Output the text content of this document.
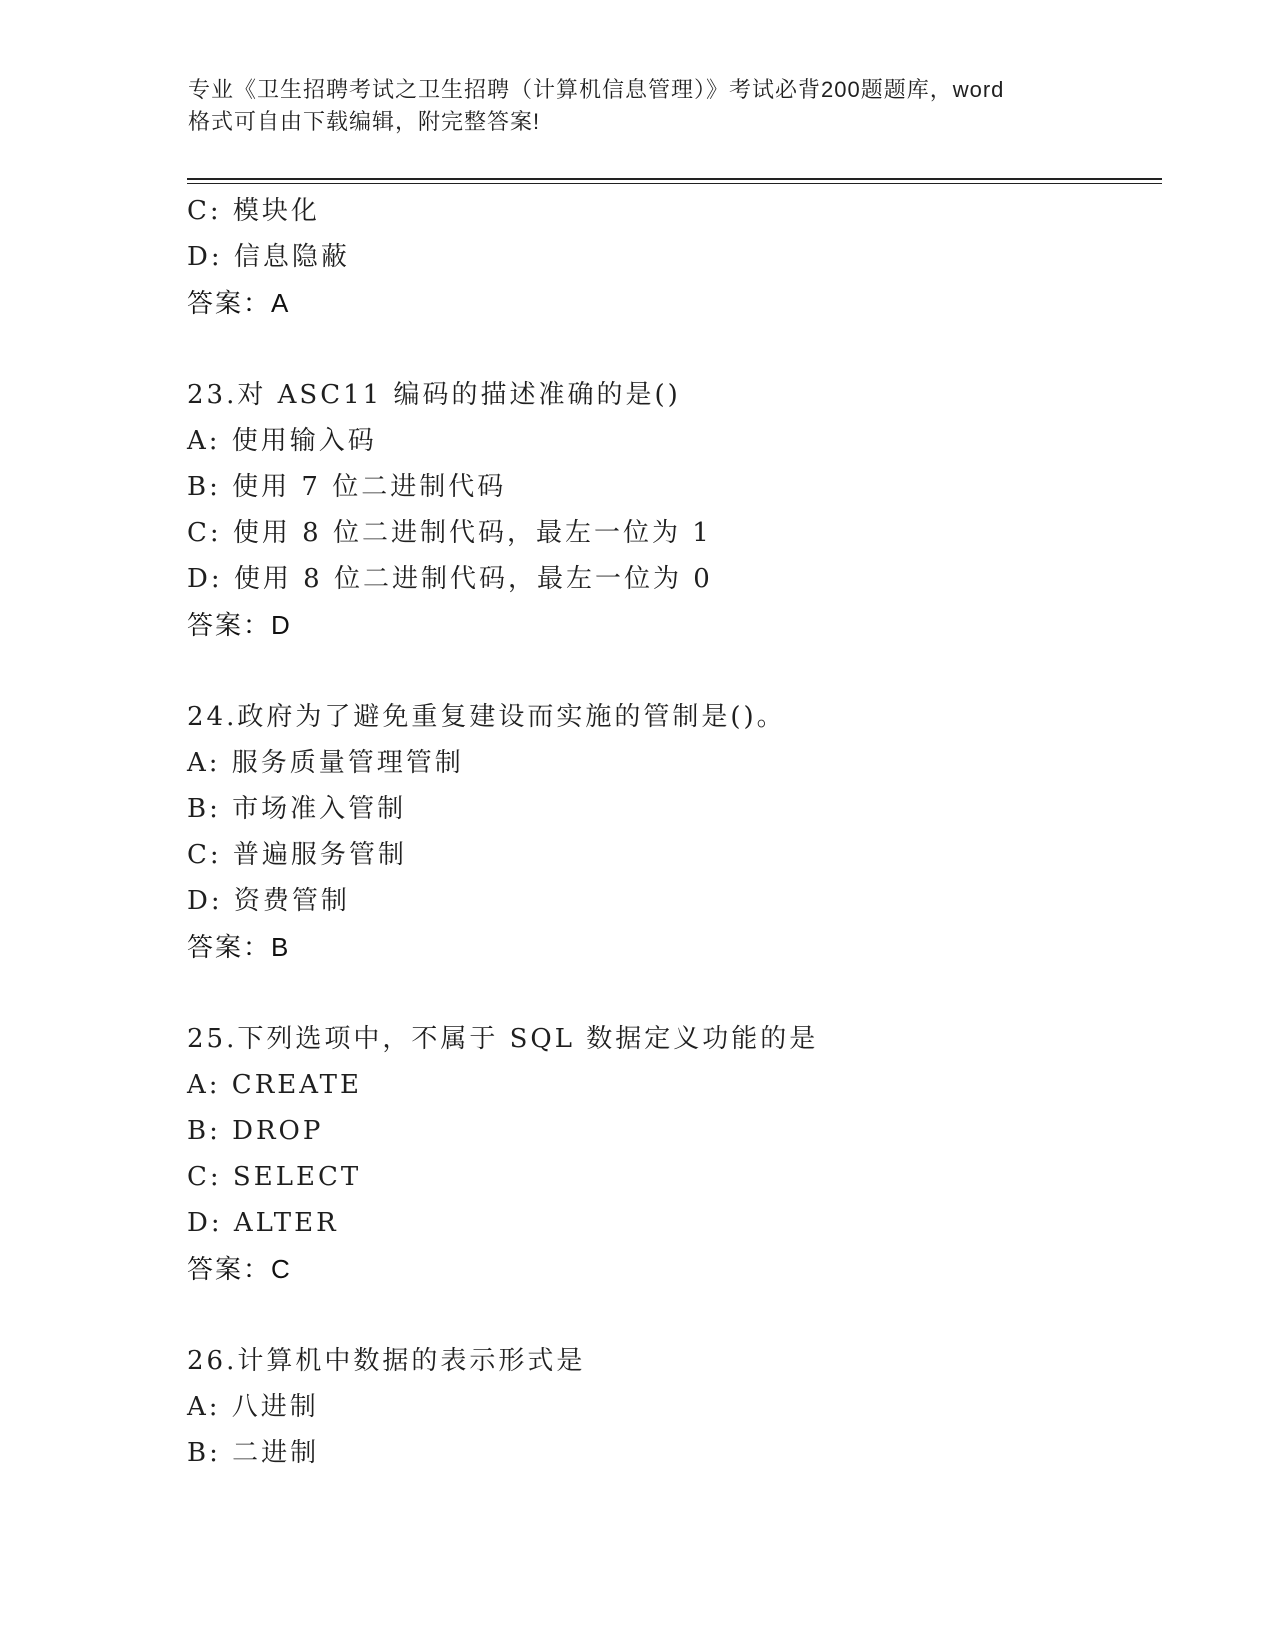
专业《卫生招聘考试之卫生招聘（计算机信息管理）》考试必背200题题库，word
格式可自由下载编辑，附完整答案!
C: 模块化
D: 信息隐蔽
答案：A
23.对 ASC11 编码的描述准确的是()
A: 使用输入码
B: 使用 7 位二进制代码
C: 使用 8 位二进制代码，最左一位为 1
D: 使用 8 位二进制代码，最左一位为 0
答案：D
24.政府为了避免重复建设而实施的管制是()。
A: 服务质量管理管制
B: 市场准入管制
C: 普遍服务管制
D: 资费管制
答案：B
25.下列选项中，不属于 SQL 数据定义功能的是
A: CREATE
B: DROP
C: SELECT
D: ALTER
答案：C
26.计算机中数据的表示形式是
A: 八进制
B: 二进制
